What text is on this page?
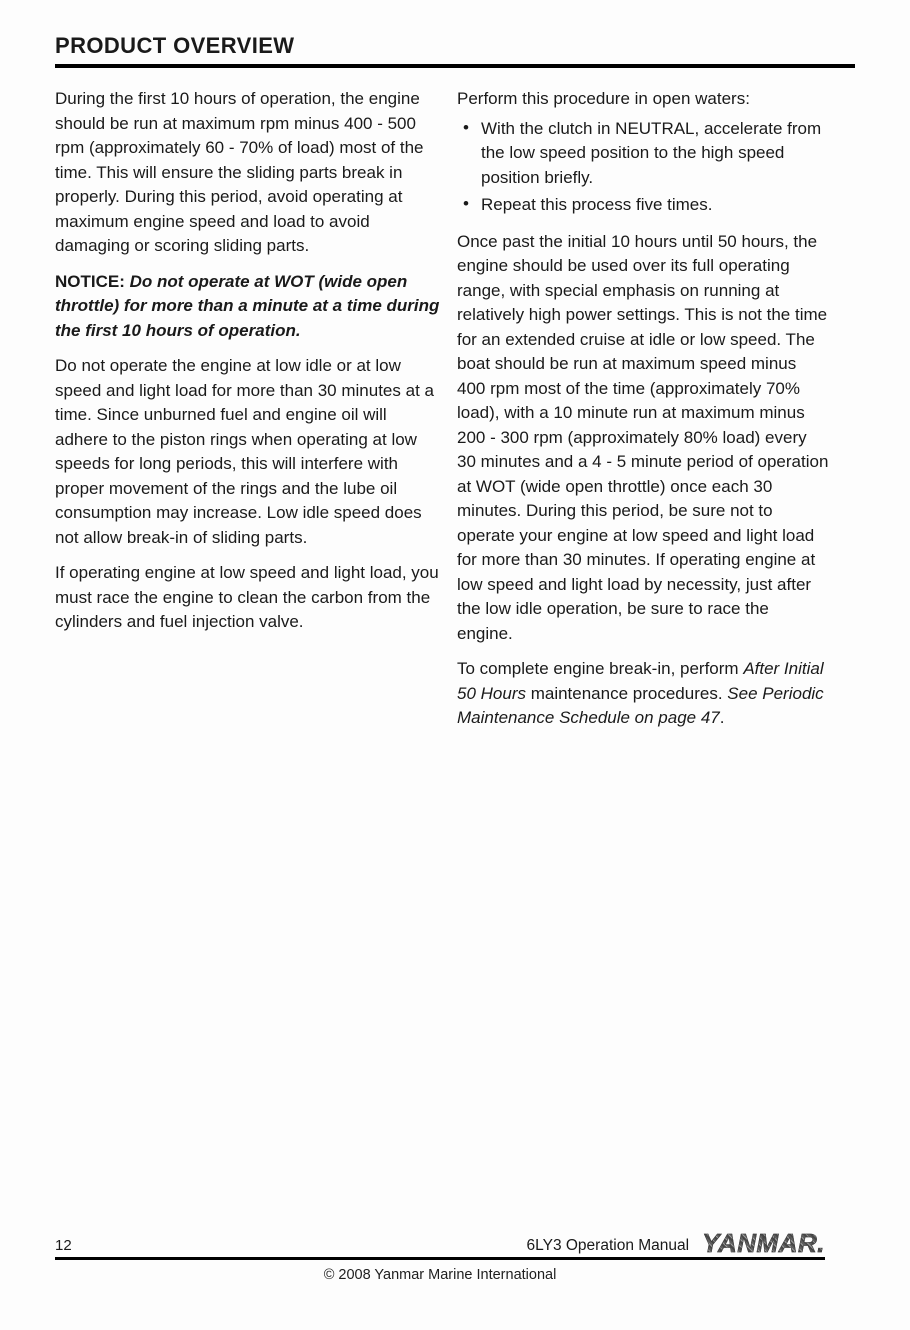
PRODUCT OVERVIEW

During the first 10 hours of operation, the engine should be run at maximum rpm minus 400 - 500 rpm (approximately 60 - 70% of load) most of the time. This will ensure the sliding parts break in properly. During this period, avoid operating at maximum engine speed and load to avoid damaging or scoring sliding parts.

NOTICE: Do not operate at WOT (wide open throttle) for more than a minute at a time during the first 10 hours of operation.

Do not operate the engine at low idle or at low speed and light load for more than 30 minutes at a time. Since unburned fuel and engine oil will adhere to the piston rings when operating at low speeds for long periods, this will interfere with proper movement of the rings and the lube oil consumption may increase. Low idle speed does not allow break-in of sliding parts.

If operating engine at low speed and light load, you must race the engine to clean the carbon from the cylinders and fuel injection valve.

Perform this procedure in open waters:

• With the clutch in NEUTRAL, accelerate from the low speed position to the high speed position briefly.
• Repeat this process five times.

Once past the initial 10 hours until 50 hours, the engine should be used over its full operating range, with special emphasis on running at relatively high power settings. This is not the time for an extended cruise at idle or low speed. The boat should be run at maximum speed minus 400 rpm most of the time (approximately 70% load), with a 10 minute run at maximum minus 200 - 300 rpm (approximately 80% load) every 30 minutes and a 4 - 5 minute period of operation at WOT (wide open throttle) once each 30 minutes. During this period, be sure not to operate your engine at low speed and light load for more than 30 minutes. If operating engine at low speed and light load by necessity, just after the low idle operation, be sure to race the engine.

To complete engine break-in, perform After Initial 50 Hours maintenance procedures. See Periodic Maintenance Schedule on page 47.

12	6LY3 Operation Manual YANMAR.
© 2008 Yanmar Marine International
